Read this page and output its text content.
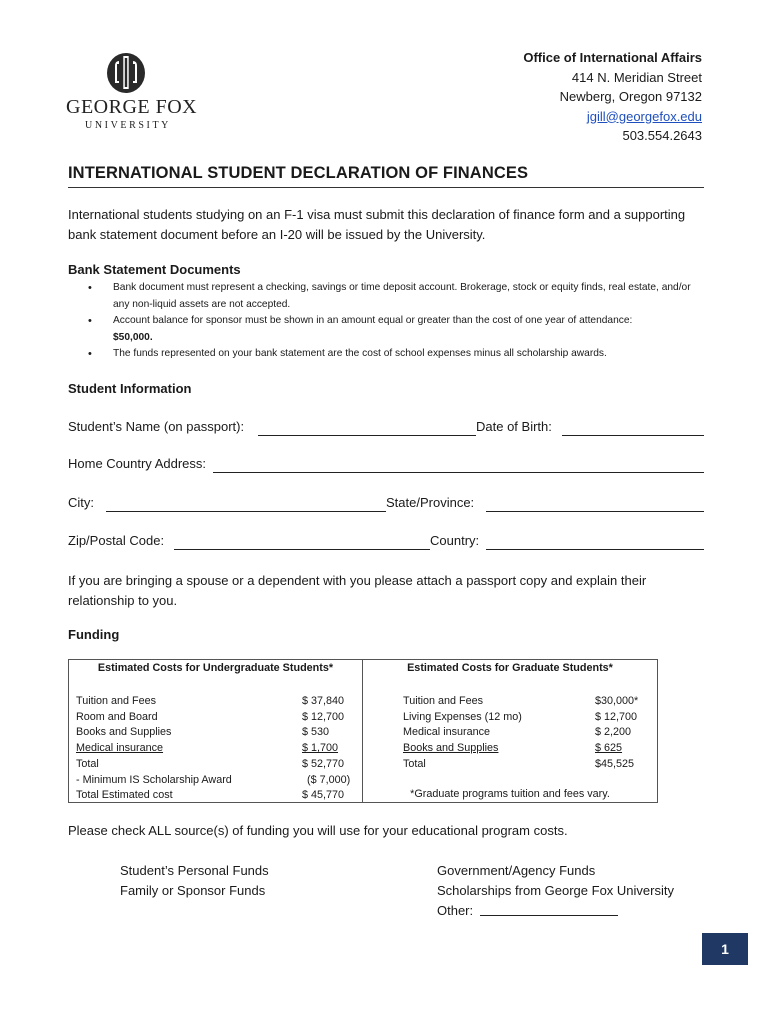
GEORGE FOX
UNIVERSITY
Office of International Affairs
414 N. Meridian Street
Newberg, Oregon 97132
jgill@georgefox.edu
503.554.2643
INTERNATIONAL STUDENT DECLARATION OF FINANCES
International students studying on an F-1 visa must submit this declaration of finance form and a supporting bank statement document before an I-20 will be issued by the University.
Bank Statement Documents
• Bank document must represent a checking, savings or time deposit account. Brokerage, stock or equity finds, real estate, and/or any non-liquid assets are not accepted.
• Account balance for sponsor must be shown in an amount equal or greater than the cost of one year of attendance:
$50,000.
• The funds represented on your bank statement are the cost of school expenses minus all scholarship awards.
Student Information
Student’s Name (on passport):	Date of Birth:
Home Country Address:
City:	State/Province:
Zip/Postal Code:	Country:
If you are bringing a spouse or a dependent with you please attach a passport copy and explain their relationship to you.
Funding
Estimated Costs for Undergraduate Students*
Tuition and Fees	$ 37,840
Room and Board	$ 12,700
Books and Supplies	$ 530
Medical insurance	$ 1,700
Total	$ 52,770
- Minimum IS Scholarship Award	($ 7,000)
Total Estimated cost	$ 45,770
Estimated Costs for Graduate Students*
Tuition and Fees	$30,000*
Living Expenses (12 mo)	$ 12,700
Medical insurance	$ 2,200
Books and Supplies	$ 625
Total	$45,525
*Graduate programs tuition and fees vary.
Please check ALL source(s) of funding you will use for your educational program costs.
Student’s Personal Funds
Family or Sponsor Funds
Government/Agency Funds
Scholarships from George Fox University
Other:
1
